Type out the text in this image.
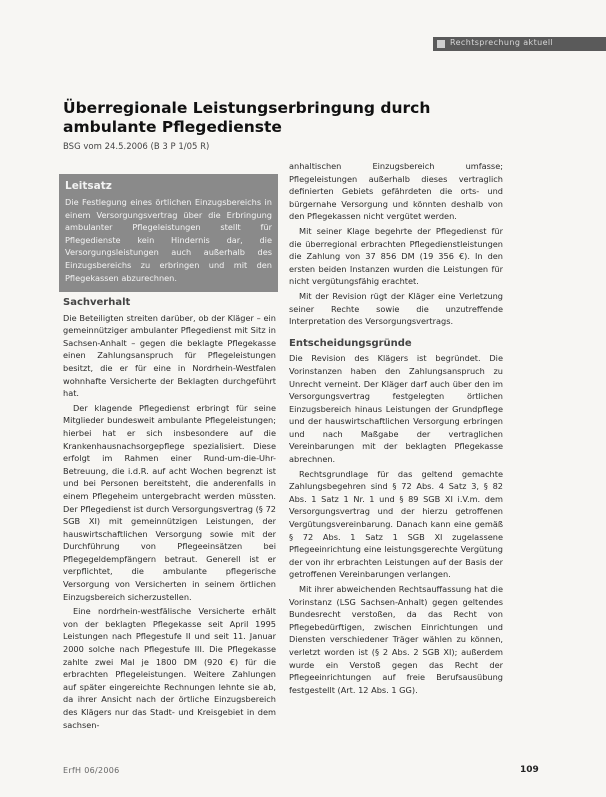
Rechtsprechung aktuell
Überregionale Leistungserbringung durch ambulante Pflegedienste
BSG vom 24.5.2006 (B 3 P 1/05 R)
Leitsatz
Die Festlegung eines örtlichen Einzugsbereichs in einem Versorgungsvertrag über die Erbringung ambulanter Pflegeleistungen stellt für Pflegedienste kein Hindernis dar, die Versorgungsleistungen auch außerhalb des Einzugsbereichs zu erbringen und mit den Pflegekassen abzurechnen.
Sachverhalt

Die Beteiligten streiten darüber, ob der Kläger – ein gemeinnütziger ambulanter Pflegedienst mit Sitz in Sachsen-Anhalt – gegen die beklagte Pflegekasse einen Zahlungsanspruch für Pflegeleistungen besitzt, die er für eine in Nordrhein-Westfalen wohnhafte Versicherte der Beklagten durchgeführt hat.

Der klagende Pflegedienst erbringt für seine Mitglieder bundesweit ambulante Pflegeleistungen; hierbei hat er sich insbesondere auf die Krankenhausnachsorgepflege spezialisiert. Diese erfolgt im Rahmen einer Rund-um-die-Uhr-Betreuung, die i.d.R. auf acht Wochen begrenzt ist und bei Personen bereitsteht, die anderenfalls in einem Pflegeheim untergebracht werden müssten. Der Pflegedienst ist durch Versorgungsvertrag (§ 72 SGB XI) mit gemeinnützigen Leistungen, der hauswirtschaftlichen Versorgung sowie mit der Durchführung von Pflegeeinsätzen bei Pflegegeldempfängern betraut. Generell ist er verpflichtet, die ambulante pflegerische Versorgung von Versicherten in seinem örtlichen Einzugsbereich sicherzustellen.

Eine nordrhein-westfälische Versicherte erhält von der beklagten Pflegekasse seit April 1995 Leistungen nach Pflegestufe II und seit 11. Januar 2000 solche nach Pflegestufe III. Die Pflegekasse zahlte zwei Mal je 1800 DM (920 €) für die erbrachten Pflegeleistungen. Weitere Zahlungen auf später eingereichte Rechnungen lehnte sie ab, da ihrer Ansicht nach der örtliche Einzugsbereich des Klägers nur das Stadt- und Kreisgebiet in dem sachsen-

anhaltischen Einzugsbereich umfasse; Pflegeleistungen außerhalb dieses vertraglich definierten Gebiets gefährdeten die orts- und bürgernahe Versorgung und könnten deshalb von den Pflegekassen nicht vergütet werden.

Mit seiner Klage begehrte der Pflegedienst für die überregional erbrachten Pflegedienstleistungen die Zahlung von 37 856 DM (19 356 €). In den ersten beiden Instanzen wurden die Leistungen für nicht vergütungsfähig erachtet.

Mit der Revision rügt der Kläger eine Verletzung seiner Rechte sowie die unzutreffende Interpretation des Versorgungsvertrags.

Entscheidungsgründe

Die Revision des Klägers ist begründet. Die Vorinstanzen haben den Zahlungsanspruch zu Unrecht verneint. Der Kläger darf auch über den im Versorgungsvertrag festgelegten örtlichen Einzugsbereich hinaus Leistungen der Grundpflege und der hauswirtschaftlichen Versorgung erbringen und nach Maßgabe der vertraglichen Vereinbarungen mit der beklagten Pflegekasse abrechnen.

Rechtsgrundlage für das geltend gemachte Zahlungsbegehren sind § 72 Abs. 4 Satz 3, § 82 Abs. 1 Satz 1 Nr. 1 und § 89 SGB XI i.V.m. dem Versorgungsvertrag und der hierzu getroffenen Vergütungsvereinbarung. Danach kann eine gemäß § 72 Abs. 1 Satz 1 SGB XI zugelassene Pflegeeinrichtung eine leistungsgerechte Vergütung der von ihr erbrachten Leistungen auf der Basis der getroffenen Vereinbarungen verlangen.

Mit ihrer abweichenden Rechtsauffassung hat die Vorinstanz (LSG Sachsen-Anhalt) gegen geltendes Bundesrecht verstoßen, da das Recht von Pflegebedürftigen, zwischen Einrichtungen und Diensten verschiedener Träger wählen zu können, verletzt worden ist (§ 2 Abs. 2 SGB XI); außerdem wurde ein Verstoß gegen das Recht der Pflegeeinrichtungen auf freie Berufsausübung festgestellt (Art. 12 Abs. 1 GG).

ErfH 06/2006	109
